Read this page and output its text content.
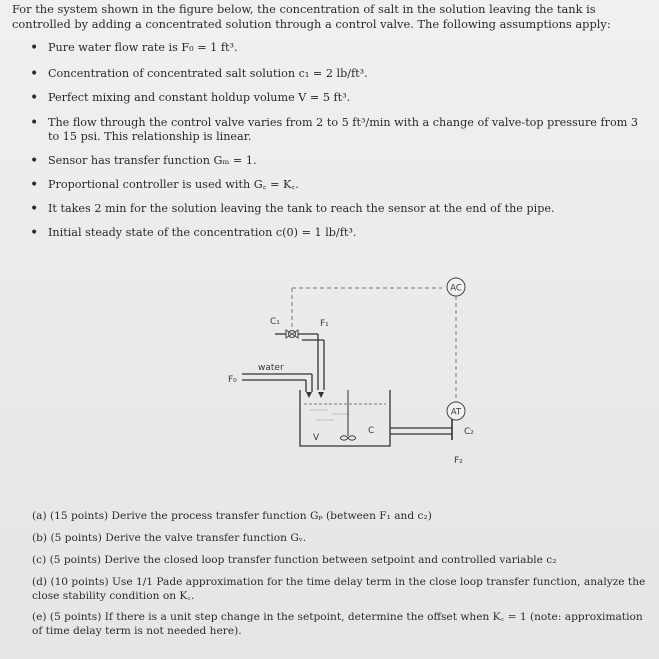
For the system shown in the figure below, the concentration of salt in the solution leaving the tank is controlled by adding a concentrated solution through a control valve. The following assumptions apply:

• Pure water flow rate is F₀ = 1 ft³.
• Concentration of concentrated salt solution c₁ = 2 lb/ft³.
• Perfect mixing and constant holdup volume V = 5 ft³.
• The flow through the control valve varies from 2 to 5 ft³/min with a change of valve-top pressure from 3 to 15 psi. This relationship is linear.
• Sensor has transfer function Gₘ = 1.
• Proportional controller is used with G꜀ = K꜀.
• It takes 2 min for the solution leaving the tank to reach the sensor at the end of the pipe.
• Initial steady state of the concentration c(0) = 1 lb/ft³.
AC
C₁	F₁
water
F₀
V
C
AT
C₂
F₂
(a) (15 points) Derive the process transfer function Gₚ (between F₁ and c₂)
(b) (5 points) Derive the valve transfer function Gᵥ.
(c) (5 points) Derive the closed loop transfer function between setpoint and controlled variable c₂
(d) (10 points) Use 1/1 Pade approximation for the time delay term in the close loop transfer function, analyze the close stability condition on K꜀.
(e) (5 points) If there is a unit step change in the setpoint, determine the offset when K꜀ = 1 (note: approximation of time delay term is not needed here).
